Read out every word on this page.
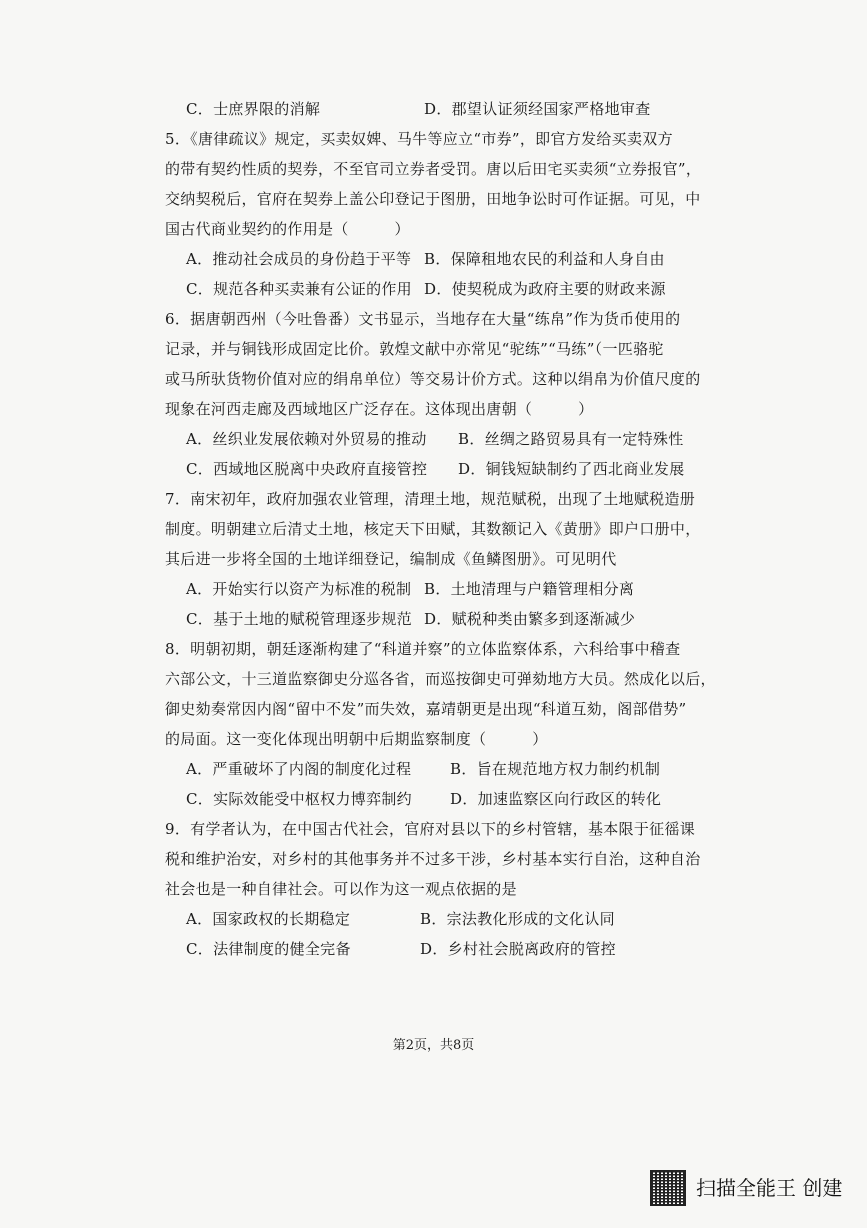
C．士庶界限的消解	D．郡望认证须经国家严格地审查
5．《唐律疏议》规定，买卖奴婢、马牛等应立“市券”，即官方发给买卖双方
的带有契约性质的契券，不至官司立券者受罚。唐以后田宅买卖须“立券报官”，
交纳契税后，官府在契券上盖公印登记于图册，田地争讼时可作证据。可见，中
国古代商业契约的作用是（　　　）
A．推动社会成员的身份趋于平等 B．保障租地农民的利益和人身自由
C．规范各种买卖兼有公证的作用 D．使契税成为政府主要的财政来源
6．据唐朝西州（今吐鲁番）文书显示，当地存在大量“练帛”作为货币使用的
记录，并与铜钱形成固定比价。敦煌文献中亦常见“驼练”“马练”（一匹骆驼
或马所驮货物价值对应的绢帛单位）等交易计价方式。这种以绢帛为价值尺度的
现象在河西走廊及西域地区广泛存在。这体现出唐朝（　　　）
A．丝织业发展依赖对外贸易的推动 B．丝绸之路贸易具有一定特殊性
C．西域地区脱离中央政府直接管控 D．铜钱短缺制约了西北商业发展
7．南宋初年，政府加强农业管理，清理土地，规范赋税，出现了土地赋税造册
制度。明朝建立后清丈土地，核定天下田赋，其数额记入《黄册》即户口册中，
其后进一步将全国的土地详细登记，编制成《鱼鳞图册》。可见明代
A．开始实行以资产为标准的税制 B．土地清理与户籍管理相分离
C．基于土地的赋税管理逐步规范 D．赋税种类由繁多到逐渐减少
8．明朝初期，朝廷逐渐构建了“科道并察”的立体监察体系，六科给事中稽查
六部公文，十三道监察御史分巡各省，而巡按御史可弹劾地方大员。然成化以后，
御史劾奏常因内阁“留中不发”而失效，嘉靖朝更是出现“科道互劾，阁部借势”
的局面。这一变化体现出明朝中后期监察制度（　　　）
A．严重破坏了内阁的制度化过程	B．旨在规范地方权力制约机制
C．实际效能受中枢权力博弈制约	D．加速监察区向行政区的转化
9．有学者认为，在中国古代社会，官府对县以下的乡村管辖，基本限于征徭课
税和维护治安，对乡村的其他事务并不过多干涉，乡村基本实行自治，这种自治
社会也是一种自律社会。可以作为这一观点依据的是
A．国家政权的长期稳定	B．宗法教化形成的文化认同
C．法律制度的健全完备	D．乡村社会脱离政府的管控
第2页，共8页
扫描全能王 创建
